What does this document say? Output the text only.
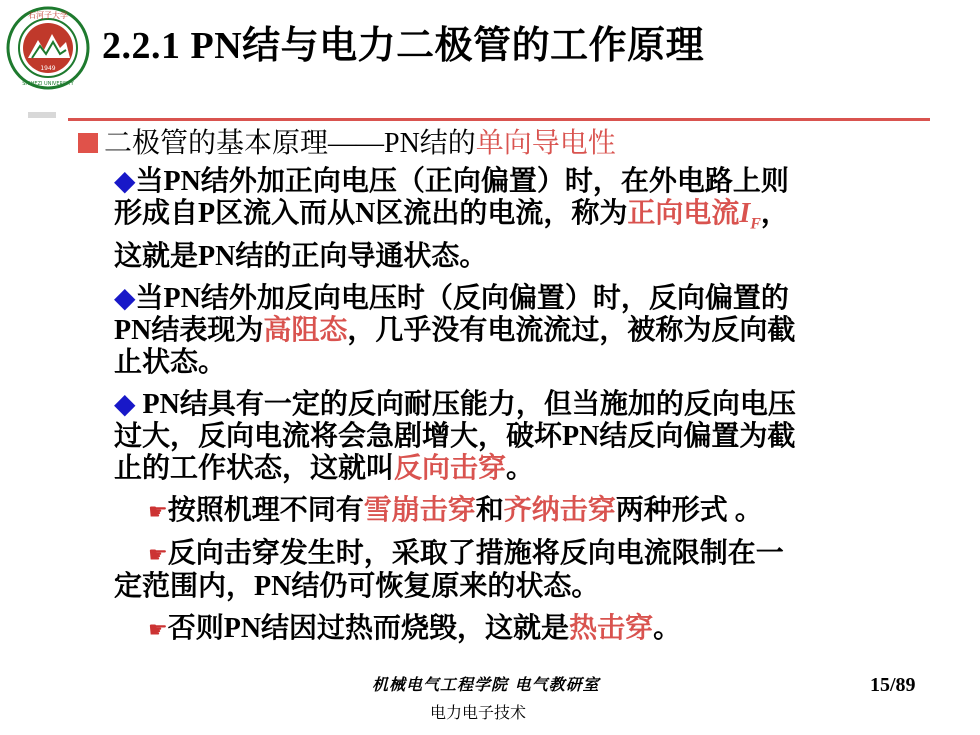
1949
石河子大学
SHIHEZI UNIVERSITY
2.2.1 PN结与电力二极管的工作原理
二极管的基本原理——PN结的单向导电性
◆当PN结外加正向电压（正向偏置）时，在外电路上则
形成自P区流入而从N区流出的电流，称为正向电流$I_F$，
这就是PN结的正向导通状态。
◆当PN结外加反向电压时（反向偏置）时，反向偏置的
PN结表现为高阻态，几乎没有电流流过，被称为反向截
止状态。
◆ PN结具有一定的反向耐压能力，但当施加的反向电压
过大，反向电流将会急剧增大，破坏PN结反向偏置为截
止的工作状态，这就叫反向击穿。
☛按照机理不同有雪崩击穿和齐纳击穿两种形式 。
☛反向击穿发生时，采取了措施将反向电流限制在一
定范围内，PN结仍可恢复原来的状态。
☛否则PN结因过热而烧毁，这就是热击穿。
机械电气工程学院 电气教研室
电力电子技术
15/89
